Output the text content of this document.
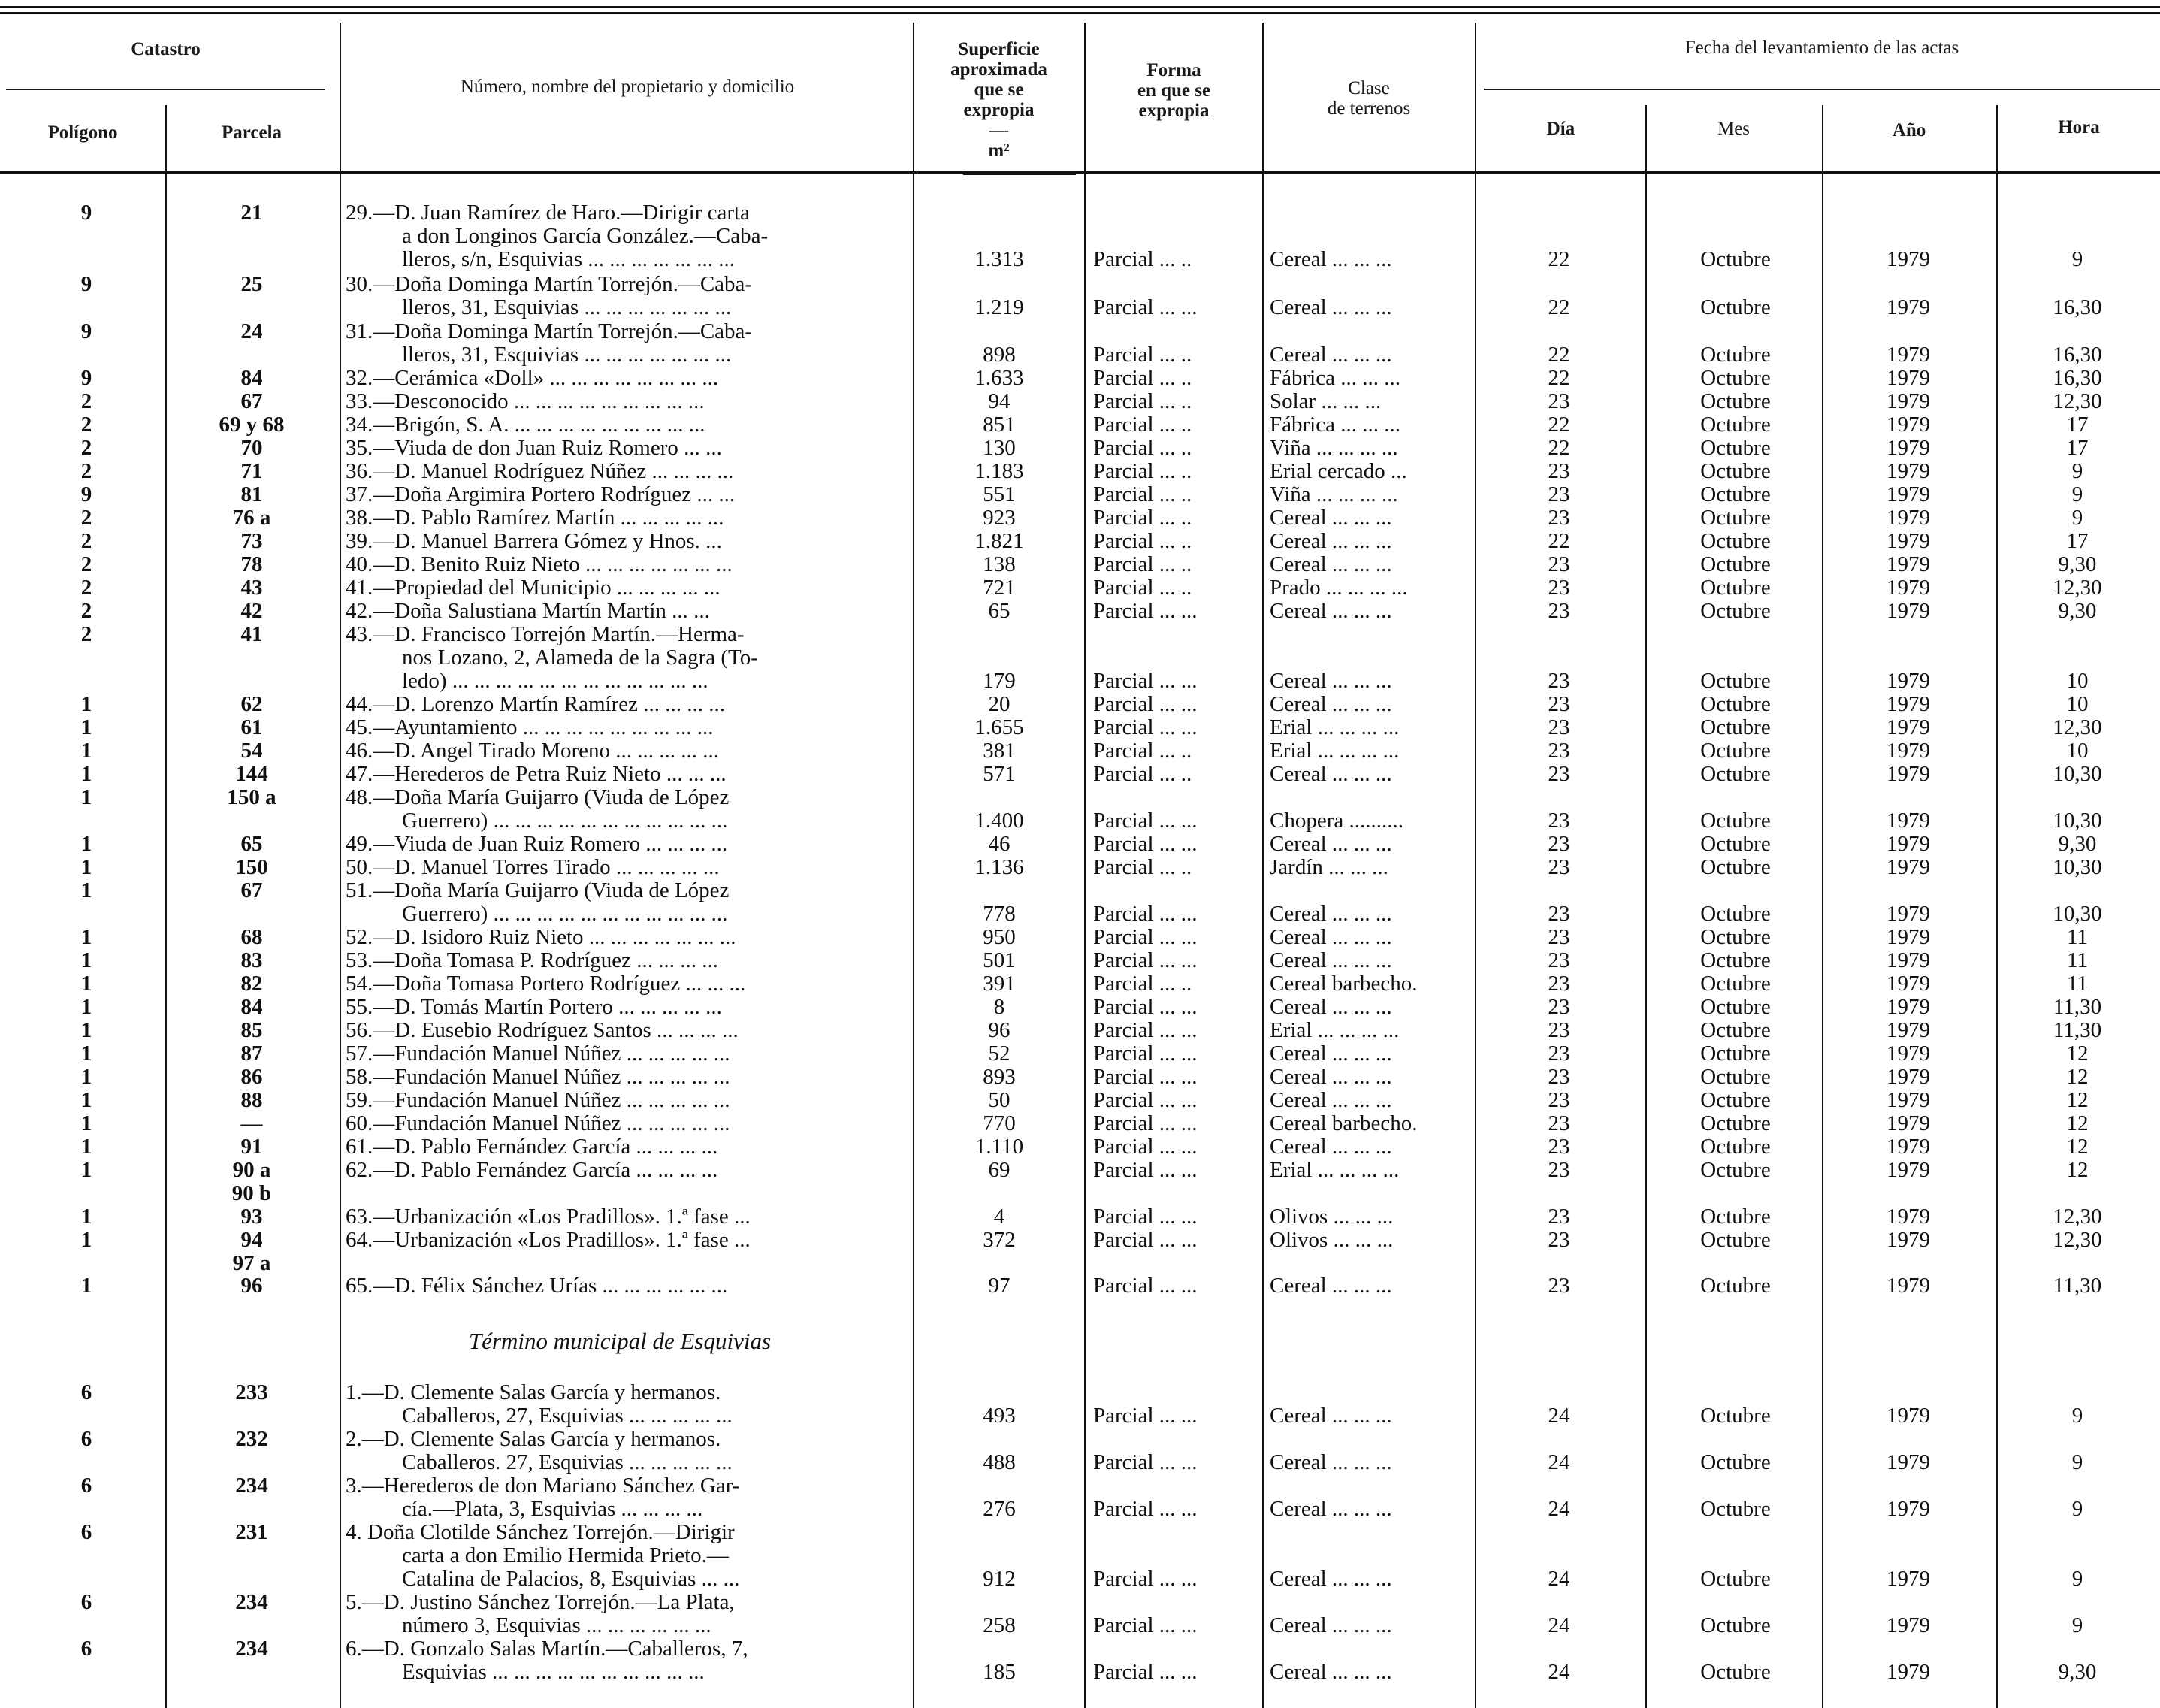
Catastro
Polígono	Parcela
Número, nombre del propietario y domicilio
Superficie
aproximada
que se
expropia
—
m²
Forma
en que se
expropia
Clase
de terrenos
Fecha del levantamiento de las actas
Día	Mes	Año	Hora
9	21	29.—D. Juan Ramírez de Haro.—Dirigir carta
a don Longinos García González.—Caba-
lleros, s/n, Esquivias ... ... ... ... ... ... ...	1.313	Parcial ... ..	Cereal ... ... ...	22	Octubre	1979	9
9	25	30.—Doña Dominga Martín Torrejón.—Caba-
lleros, 31, Esquivias ... ... ... ... ... ... ...	1.219	Parcial ... ...	Cereal ... ... ...	22	Octubre	1979	16,30
9	24	31.—Doña Dominga Martín Torrejón.—Caba-
lleros, 31, Esquivias ... ... ... ... ... ... ...	898	Parcial ... ..	Cereal ... ... ...	22	Octubre	1979	16,30
9	84	32.—Cerámica «Doll» ... ... ... ... ... ... ... ...	1.633	Parcial ... ..	Fábrica ... ... ...	22	Octubre	1979	16,30
2	67	33.—Desconocido ... ... ... ... ... ... ... ... ...	94	Parcial ... ..	Solar ... ... ...	23	Octubre	1979	12,30
2	69 y 68	34.—Brigón, S. A. ... ... ... ... ... ... ... ... ...	851	Parcial ... ..	Fábrica ... ... ...	22	Octubre	1979	17
2	70	35.—Viuda de don Juan Ruiz Romero ... ...	130	Parcial ... ..	Viña ... ... ... ...	22	Octubre	1979	17
2	71	36.—D. Manuel Rodríguez Núñez ... ... ... ...	1.183	Parcial ... ..	Erial cercado ...	23	Octubre	1979	9
9	81	37.—Doña Argimira Portero Rodríguez ... ...	551	Parcial ... ..	Viña ... ... ... ...	23	Octubre	1979	9
2	76 a	38.—D. Pablo Ramírez Martín ... ... ... ... ...	923	Parcial ... ..	Cereal ... ... ...	23	Octubre	1979	9
2	73	39.—D. Manuel Barrera Gómez y Hnos. ...	1.821	Parcial ... ..	Cereal ... ... ...	22	Octubre	1979	17
2	78	40.—D. Benito Ruiz Nieto ... ... ... ... ... ... ...	138	Parcial ... ..	Cereal ... ... ...	23	Octubre	1979	9,30
2	43	41.—Propiedad del Municipio ... ... ... ... ...	721	Parcial ... ..	Prado ... ... ... ...	23	Octubre	1979	12,30
2	42	42.—Doña Salustiana Martín Martín ... ...	65	Parcial ... ...	Cereal ... ... ...	23	Octubre	1979	9,30
2	41	43.—D. Francisco Torrejón Martín.—Herma-
nos Lozano, 2, Alameda de la Sagra (To-
ledo) ... ... ... ... ... ... ... ... ... ... ... ...	179	Parcial ... ...	Cereal ... ... ...	23	Octubre	1979	10
1	62	44.—D. Lorenzo Martín Ramírez ... ... ... ...	20	Parcial ... ...	Cereal ... ... ...	23	Octubre	1979	10
1	61	45.—Ayuntamiento ... ... ... ... ... ... ... ... ...	1.655	Parcial ... ...	Erial ... ... ... ...	23	Octubre	1979	12,30
1	54	46.—D. Angel Tirado Moreno ... ... ... ... ...	381	Parcial ... ..	Erial ... ... ... ...	23	Octubre	1979	10
1	144	47.—Herederos de Petra Ruiz Nieto ... ... ...	571	Parcial ... ..	Cereal ... ... ...	23	Octubre	1979	10,30
1	150 a	48.—Doña María Guijarro (Viuda de López
Guerrero) ... ... ... ... ... ... ... ... ... ... ...	1.400	Parcial ... ...	Chopera ..........	23	Octubre	1979	10,30
1	65	49.—Viuda de Juan Ruiz Romero ... ... ... ...	46	Parcial ... ...	Cereal ... ... ...	23	Octubre	1979	9,30
1	150	50.—D. Manuel Torres Tirado ... ... ... ... ...	1.136	Parcial ... ..	Jardín ... ... ...	23	Octubre	1979	10,30
1	67	51.—Doña María Guijarro (Viuda de López
Guerrero) ... ... ... ... ... ... ... ... ... ... ...	778	Parcial ... ...	Cereal ... ... ...	23	Octubre	1979	10,30
1	68	52.—D. Isidoro Ruiz Nieto ... ... ... ... ... ... ...	950	Parcial ... ...	Cereal ... ... ...	23	Octubre	1979	11
1	83	53.—Doña Tomasa P. Rodríguez ... ... ... ...	501	Parcial ... ...	Cereal ... ... ...	23	Octubre	1979	11
1	82	54.—Doña Tomasa Portero Rodríguez ... ... ...	391	Parcial ... ..	Cereal barbecho.	23	Octubre	1979	11
1	84	55.—D. Tomás Martín Portero ... ... ... ... ...	8	Parcial ... ...	Cereal ... ... ...	23	Octubre	1979	11,30
1	85	56.—D. Eusebio Rodríguez Santos ... ... ... ...	96	Parcial ... ...	Erial ... ... ... ...	23	Octubre	1979	11,30
1	87	57.—Fundación Manuel Núñez ... ... ... ... ...	52	Parcial ... ...	Cereal ... ... ...	23	Octubre	1979	12
1	86	58.—Fundación Manuel Núñez ... ... ... ... ...	893	Parcial ... ...	Cereal ... ... ...	23	Octubre	1979	12
1	88	59.—Fundación Manuel Núñez ... ... ... ... ...	50	Parcial ... ...	Cereal ... ... ...	23	Octubre	1979	12
1	—	60.—Fundación Manuel Núñez ... ... ... ... ...	770	Parcial ... ...	Cereal barbecho.	23	Octubre	1979	12
1	91	61.—D. Pablo Fernández García ... ... ... ...	1.110	Parcial ... ...	Cereal ... ... ...	23	Octubre	1979	12
1	90 a	62.—D. Pablo Fernández García ... ... ... ...	69	Parcial ... ...	Erial ... ... ... ...	23	Octubre	1979	12
90 b
1	93	63.—Urbanización «Los Pradillos». 1.ª fase ...	4	Parcial ... ...	Olivos ... ... ...	23	Octubre	1979	12,30
1	94	64.—Urbanización «Los Pradillos». 1.ª fase ...	372	Parcial ... ...	Olivos ... ... ...	23	Octubre	1979	12,30
97 a
1	96	65.—D. Félix Sánchez Urías ... ... ... ... ... ...	97	Parcial ... ...	Cereal ... ... ...	23	Octubre	1979	11,30
6	233	1.—D. Clemente Salas García y hermanos.
Caballeros, 27, Esquivias ... ... ... ... ...	493	Parcial ... ...	Cereal ... ... ...	24	Octubre	1979	9
6	232	2.—D. Clemente Salas García y hermanos.
Caballeros. 27, Esquivias ... ... ... ... ...	488	Parcial ... ...	Cereal ... ... ...	24	Octubre	1979	9
6	234	3.—Herederos de don Mariano Sánchez Gar-
cía.—Plata, 3, Esquivias ... ... ... ...	276	Parcial ... ...	Cereal ... ... ...	24	Octubre	1979	9
6	231	4. Doña Clotilde Sánchez Torrejón.—Dirigir
carta a don Emilio Hermida Prieto.—
Catalina de Palacios, 8, Esquivias ... ...	912	Parcial ... ...	Cereal ... ... ...	24	Octubre	1979	9
6	234	5.—D. Justino Sánchez Torrejón.—La Plata,
número 3, Esquivias ... ... ... ... ... ...	258	Parcial ... ...	Cereal ... ... ...	24	Octubre	1979	9
6	234	6.—D. Gonzalo Salas Martín.—Caballeros, 7,
Esquivias ... ... ... ... ... ... ... ... ... ...	185	Parcial ... ...	Cereal ... ... ...	24	Octubre	1979	9,30
Término municipal de Esquivias
